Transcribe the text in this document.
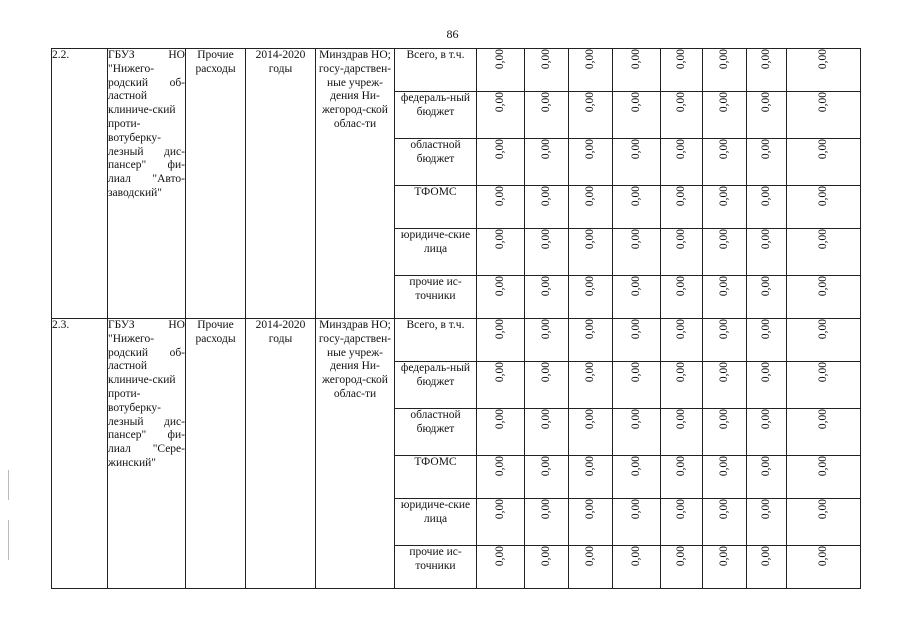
86
2.2.	ГБУЗ НО "Нижего-родский об-ластной клиниче-ский проти-вотуберку-лезный дис-пансер" фи-лиал "Авто-заводский"	Прочие расходы	2014-2020 годы	Минздрав НО; госу-дарствен-ные учреж-дения Ни-жегород-ской облас-ти	Всего, в т.ч.	0,00	0,00	0,00	0,00	0,00	0,00	0,00	0,00
					федераль-ный бюджет	0,00	0,00	0,00	0,00	0,00	0,00	0,00	0,00
					областной бюджет	0,00	0,00	0,00	0,00	0,00	0,00	0,00	0,00
					ТФОМС	0,00	0,00	0,00	0,00	0,00	0,00	0,00	0,00
					юридиче-ские лица	0,00	0,00	0,00	0,00	0,00	0,00	0,00	0,00
					прочие ис-точники	0,00	0,00	0,00	0,00	0,00	0,00	0,00	0,00
2.3.	ГБУЗ НО "Нижего-родский об-ластной клиниче-ский проти-вотуберку-лезный дис-пансер" фи-лиал "Сере-жинский"	Прочие расходы	2014-2020 годы	Минздрав НО; госу-дарствен-ные учреж-дения Ни-жегород-ской облас-ти	Всего, в т.ч.	0,00	0,00	0,00	0,00	0,00	0,00	0,00	0,00
					федераль-ный бюджет	0,00	0,00	0,00	0,00	0,00	0,00	0,00	0,00
					областной бюджет	0,00	0,00	0,00	0,00	0,00	0,00	0,00	0,00
					ТФОМС	0,00	0,00	0,00	0,00	0,00	0,00	0,00	0,00
					юридиче-ские лица	0,00	0,00	0,00	0,00	0,00	0,00	0,00	0,00
					прочие ис-точники	0,00	0,00	0,00	0,00	0,00	0,00	0,00	0,00
